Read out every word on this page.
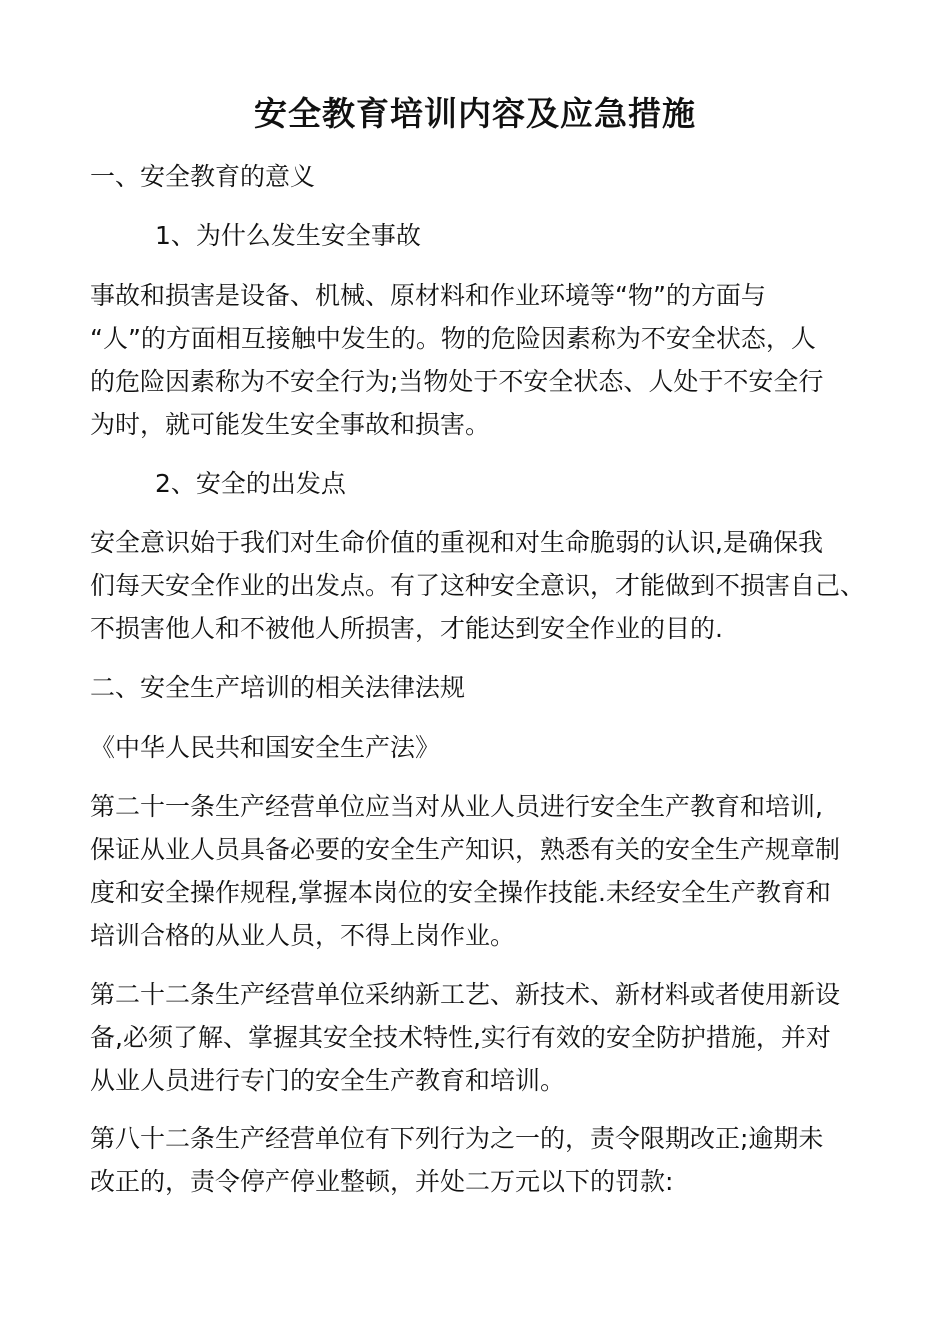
安全教育培训内容及应急措施
一、安全教育的意义
1、为什么发生安全事故
事故和损害是设备、机械、原材料和作业环境等“物”的方面与
“人”的方面相互接触中发生的。物的危险因素称为不安全状态，人
的危险因素称为不安全行为;当物处于不安全状态、人处于不安全行
为时，就可能发生安全事故和损害。
2、安全的出发点
安全意识始于我们对生命价值的重视和对生命脆弱的认识,是确保我
们每天安全作业的出发点。有了这种安全意识，才能做到不损害自己、
不损害他人和不被他人所损害，才能达到安全作业的目的.
二、安全生产培训的相关法律法规
《中华人民共和国安全生产法》
第二十一条生产经营单位应当对从业人员进行安全生产教育和培训,
保证从业人员具备必要的安全生产知识，熟悉有关的安全生产规章制
度和安全操作规程,掌握本岗位的安全操作技能.未经安全生产教育和
培训合格的从业人员，不得上岗作业。
第二十二条生产经营单位采纳新工艺、新技术、新材料或者使用新设
备,必须了解、掌握其安全技术特性,实行有效的安全防护措施，并对
从业人员进行专门的安全生产教育和培训。
第八十二条生产经营单位有下列行为之一的，责令限期改正;逾期未
改正的，责令停产停业整顿，并处二万元以下的罚款:
